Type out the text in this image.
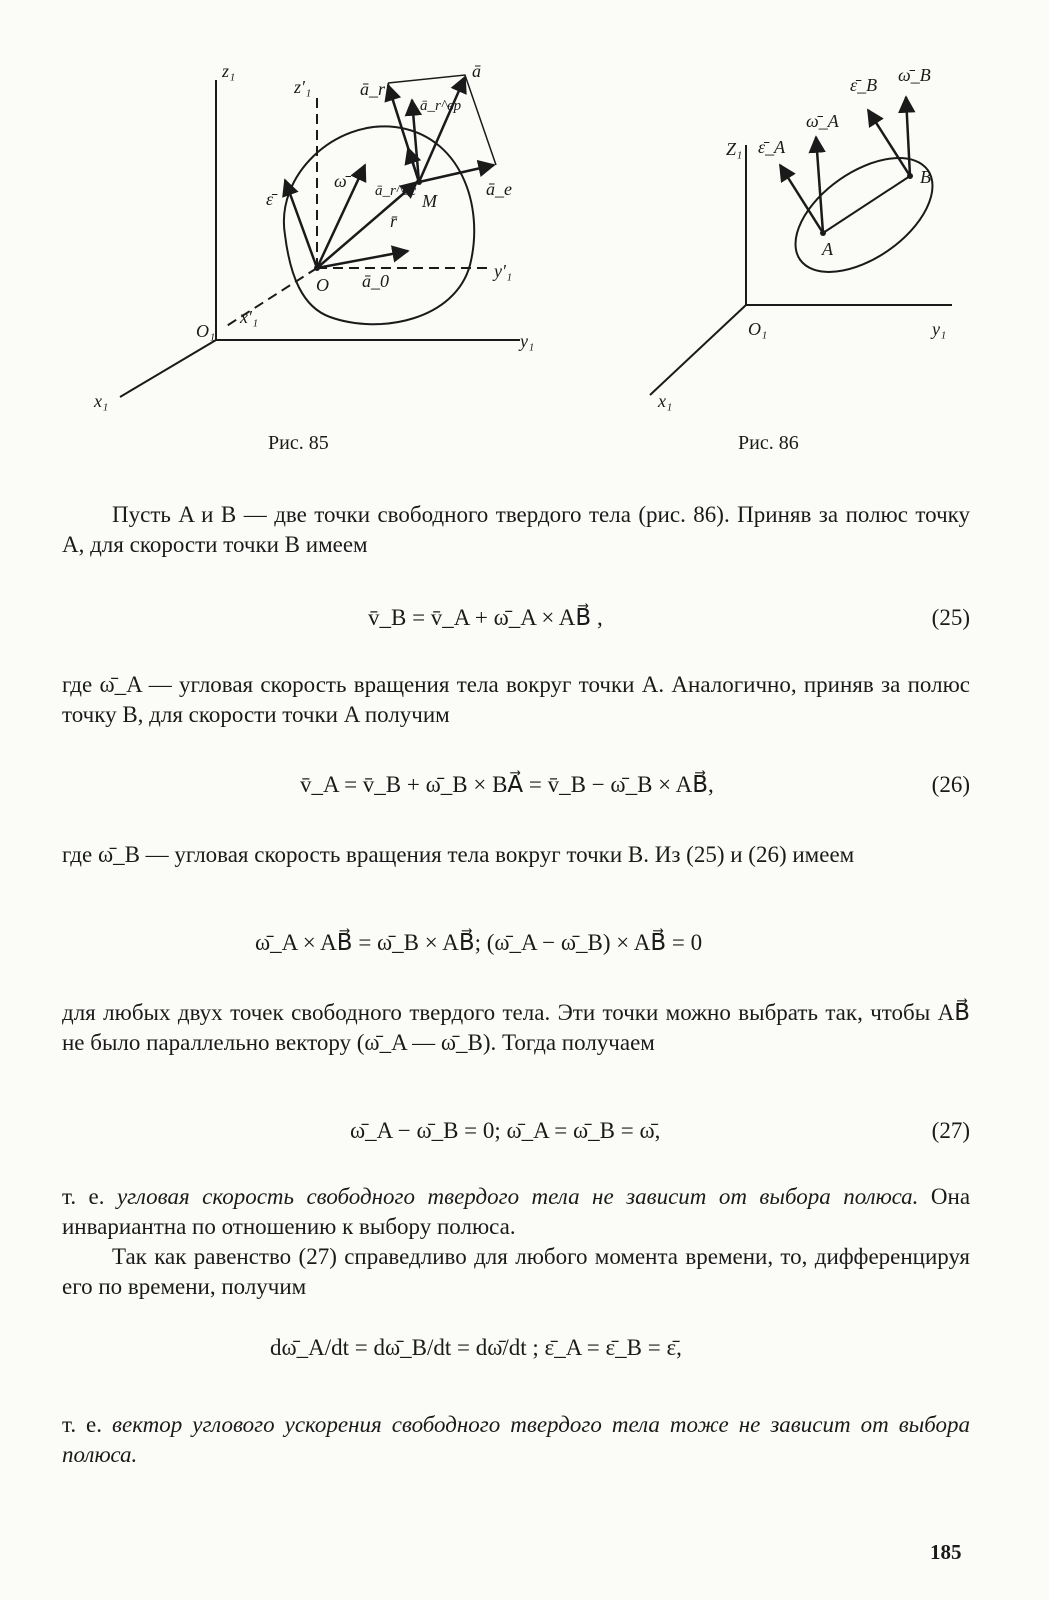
z₁
z′₁	ā_r
ā_r^вр
ā
ω̄
ε̄	ā_r^ос M
r̄
ā_e
O ā_0	y′₁
O₁
x′₁
y₁
x₁
Рис. 85
ε̄_B ω̄_B
ω̄_A
Z₁ ε̄_A
B
A
O₁	y₁
x₁
Рис. 86

Пусть A и B — две точки свободного твердого тела (рис. 86). Приняв за полюс точку A, для скорости точки B имеем

v̄_B = v̄_A + ω̄_A × AB⃗ ,	(25)

где ω̄_A — угловая скорость вращения тела вокруг точки A. Аналогично, приняв за полюс точку B, для скорости точки A получим

v̄_A = v̄_B + ω̄_B × BA⃗ = v̄_B − ω̄_B × AB⃗,	(26)

где ω̄_B — угловая скорость вращения тела вокруг точки B. Из (25) и (26) имеем

ω̄_A × AB⃗ = ω̄_B × AB⃗; (ω̄_A − ω̄_B) × AB⃗ = 0

для любых двух точек свободного твердого тела. Эти точки можно выбрать так, чтобы AB⃗ не было параллельно вектору (ω̄_A — ω̄_B). Тогда получаем

ω̄_A − ω̄_B = 0; ω̄_A = ω̄_B = ω̄,	(27)

т. е. угловая скорость свободного твердого тела не зависит от выбора полюса. Она инвариантна по отношению к выбору полюса.

Так как равенство (27) справедливо для любого момента времени, то, дифференцируя его по времени, получим

dω̄_A/dt = dω̄_B/dt = dω̄/dt ; ε̄_A = ε̄_B = ε̄,

т. е. вектор углового ускорения свободного твердого тела тоже не зависит от выбора полюса.

185
